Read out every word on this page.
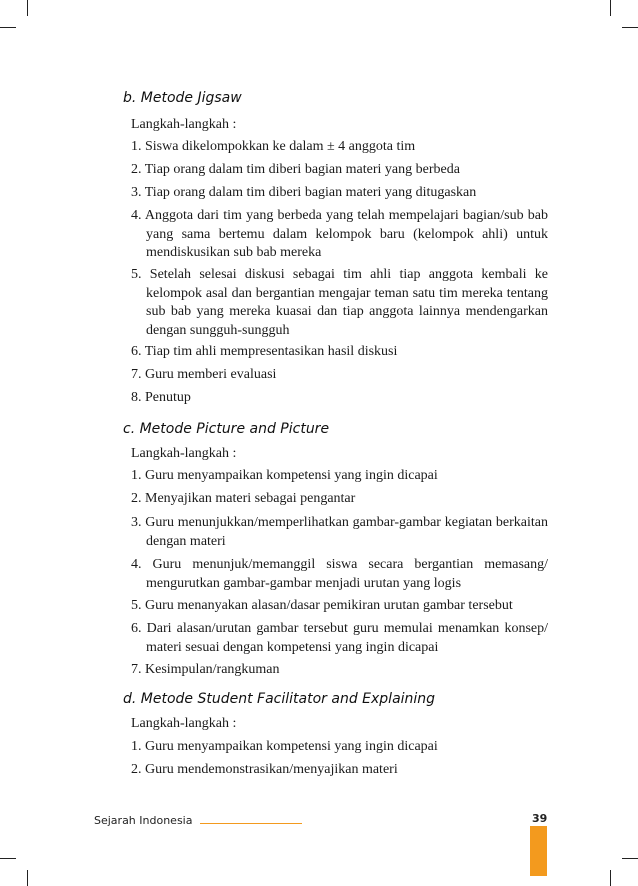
b. Metode Jigsaw

Langkah-langkah :

1. Siswa dikelompokkan ke dalam ± 4 anggota tim

2. Tiap orang dalam tim diberi bagian materi yang berbeda

3. Tiap orang dalam tim diberi bagian materi yang ditugaskan

4. Anggota dari tim yang berbeda yang telah mempelajari bagian/sub bab yang sama bertemu dalam kelompok baru (kelompok ahli) untuk mendiskusikan sub bab mereka

5. Setelah selesai diskusi sebagai tim ahli tiap anggota kembali ke kelompok asal dan bergantian mengajar teman satu tim mereka tentang sub bab yang mereka kuasai dan tiap anggota lainnya mendengarkan dengan sungguh-sungguh

6. Tiap tim ahli mempresentasikan hasil diskusi

7. Guru memberi evaluasi

8. Penutup

c. Metode Picture and Picture

Langkah-langkah :

1. Guru menyampaikan kompetensi yang ingin dicapai

2. Menyajikan materi sebagai pengantar

3. Guru menunjukkan/memperlihatkan gambar-gambar kegiatan berkaitan dengan materi

4. Guru menunjuk/memanggil siswa secara bergantian memasang/ mengurutkan gambar-gambar menjadi urutan yang logis

5. Guru menanyakan alasan/dasar pemikiran urutan gambar tersebut

6. Dari alasan/urutan gambar tersebut guru memulai menamkan konsep/ materi sesuai dengan kompetensi yang ingin dicapai

7. Kesimpulan/rangkuman

d. Metode Student Facilitator and Explaining

Langkah-langkah :

1. Guru menyampaikan kompetensi yang ingin dicapai

2. Guru mendemonstrasikan/menyajikan materi

Sejarah Indonesia	39
